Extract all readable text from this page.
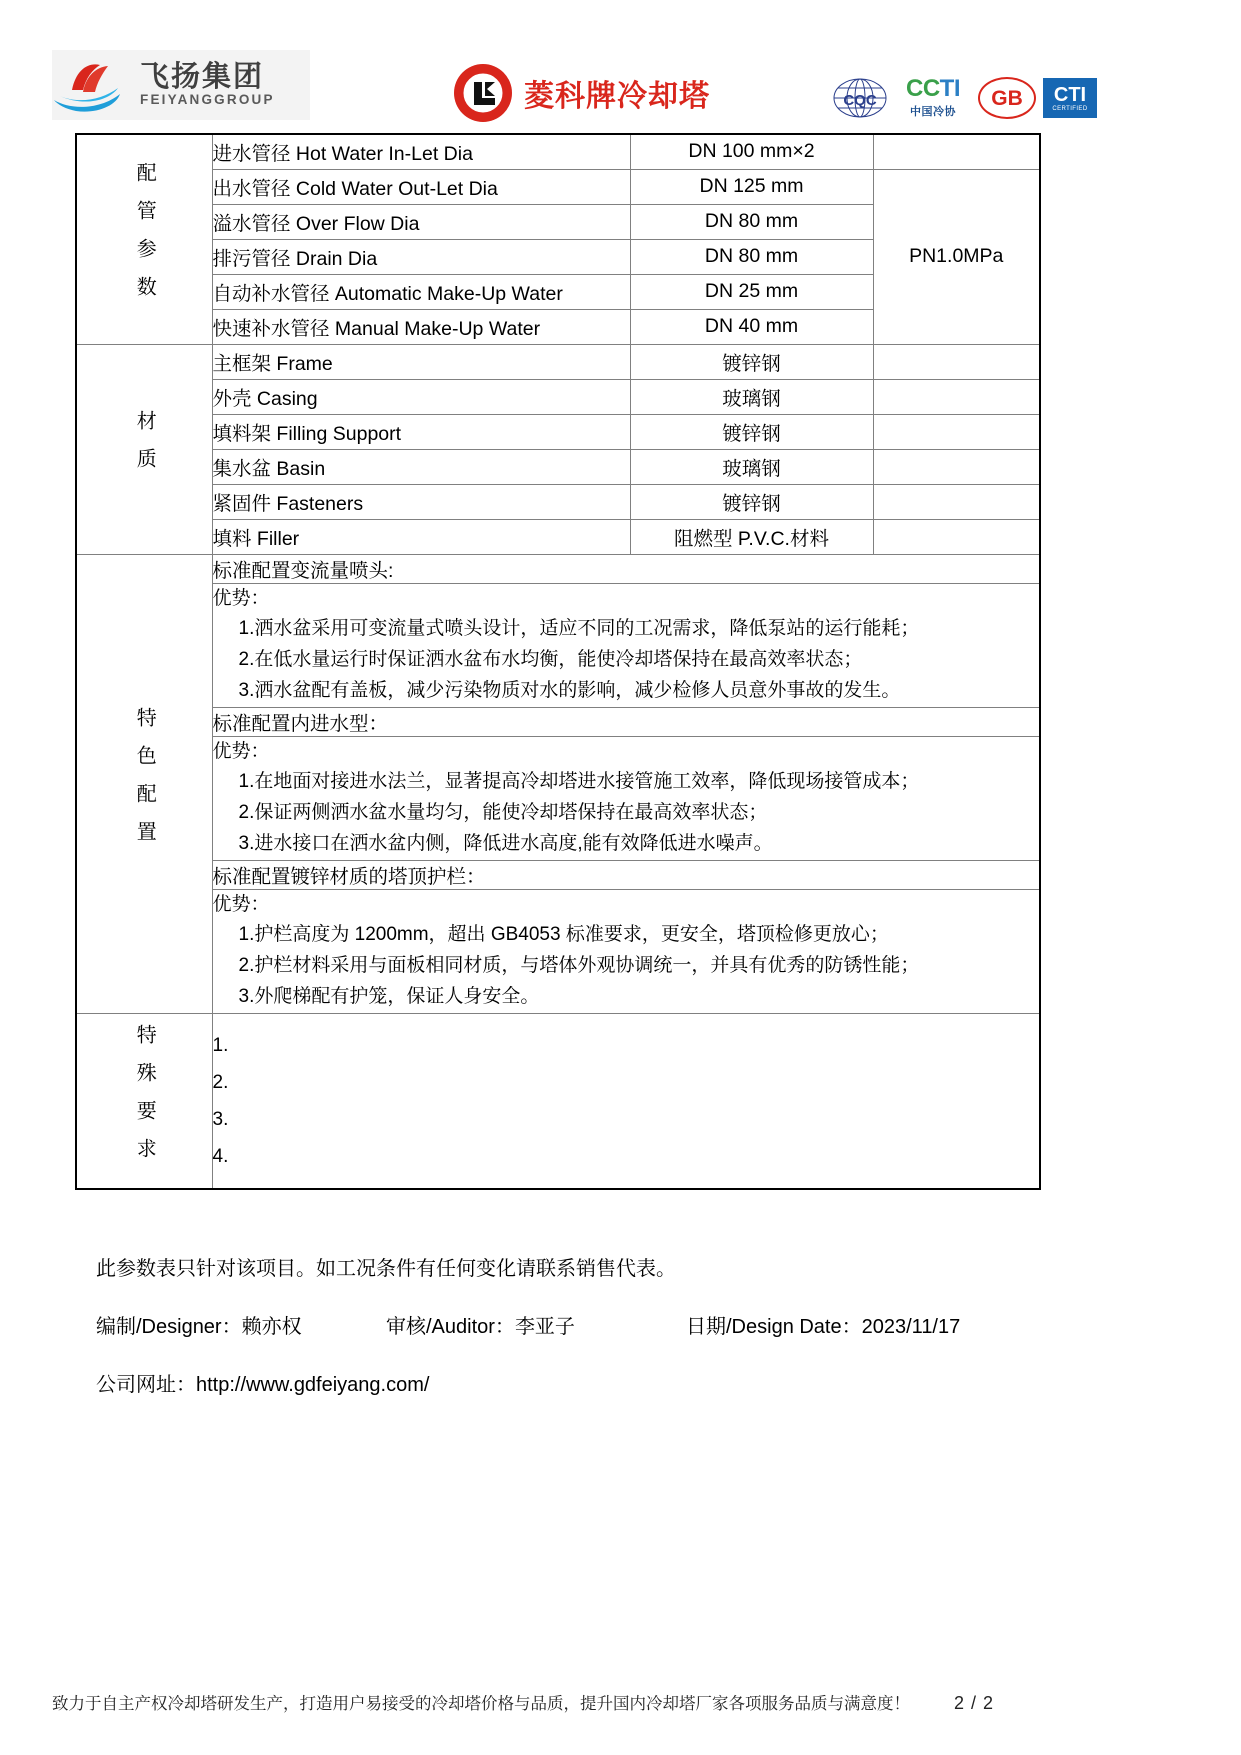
飞扬集团
FEIYANGGROUP	菱科牌冷却塔	CQC C C T I
中国冷协
GB CTI
CERTIFIED
配管参数	进水管径 Hot Water In-Let Dia	DN 100 mm×2	
	出水管径 Cold Water Out-Let Dia	DN 125 mm	PN1.0MPa
	溢水管径 Over Flow Dia	DN 80 mm	
	排污管径 Drain Dia	DN 80 mm	
	自动补水管径 Automatic Make-Up Water	DN 25 mm	
	快速补水管径 Manual Make-Up Water	DN 40 mm	
材质	主框架 Frame	镀锌钢	
	外壳 Casing	玻璃钢	
	填料架 Filling Support	镀锌钢	
	集水盆 Basin	玻璃钢	
	紧固件 Fasteners	镀锌钢	
	填料 Filler	阻燃型 P.V.C.材料	
特色配置	标准配置变流量喷头:		

	优势：
1.洒水盆采用可变流量式喷头设计，适应不同的工况需求，降低泵站的运行能耗；
2.在低水量运行时保证洒水盆布水均衡，能使冷却塔保持在最高效率状态；
3.洒水盆配有盖板，减少污染物质对水的影响，减少检修人员意外事故的发生。		

	标准配置内进水型：		

	优势：
1.在地面对接进水法兰，显著提高冷却塔进水接管施工效率，降低现场接管成本；
2.保证两侧洒水盆水量均匀，能使冷却塔保持在最高效率状态；
3.进水接口在洒水盆内侧，降低进水高度,能有效降低进水噪声。		

	标准配置镀锌材质的塔顶护栏：		

	优势：
1.护栏高度为 1200mm，超出 GB4053 标准要求，更安全，塔顶检修更放心；
2.护栏材料采用与面板相同材质，与塔体外观协调统一，并具有优秀的防锈性能；
3.外爬梯配有护笼，保证人身安全。		

特殊要求	1.
2.
3.
4.		
此参数表只针对该项目。如工况条件有任何变化请联系销售代表。
编制/Designer：赖亦权	审核/Auditor：李亚子	日期/Design Date：2023/11/17
公司网址：http://www.gdfeiyang.com/
致力于自主产权冷却塔研发生产，打造用户易接受的冷却塔价格与品质，提升国内冷却塔厂家各项服务品质与满意度！ 2 / 2
